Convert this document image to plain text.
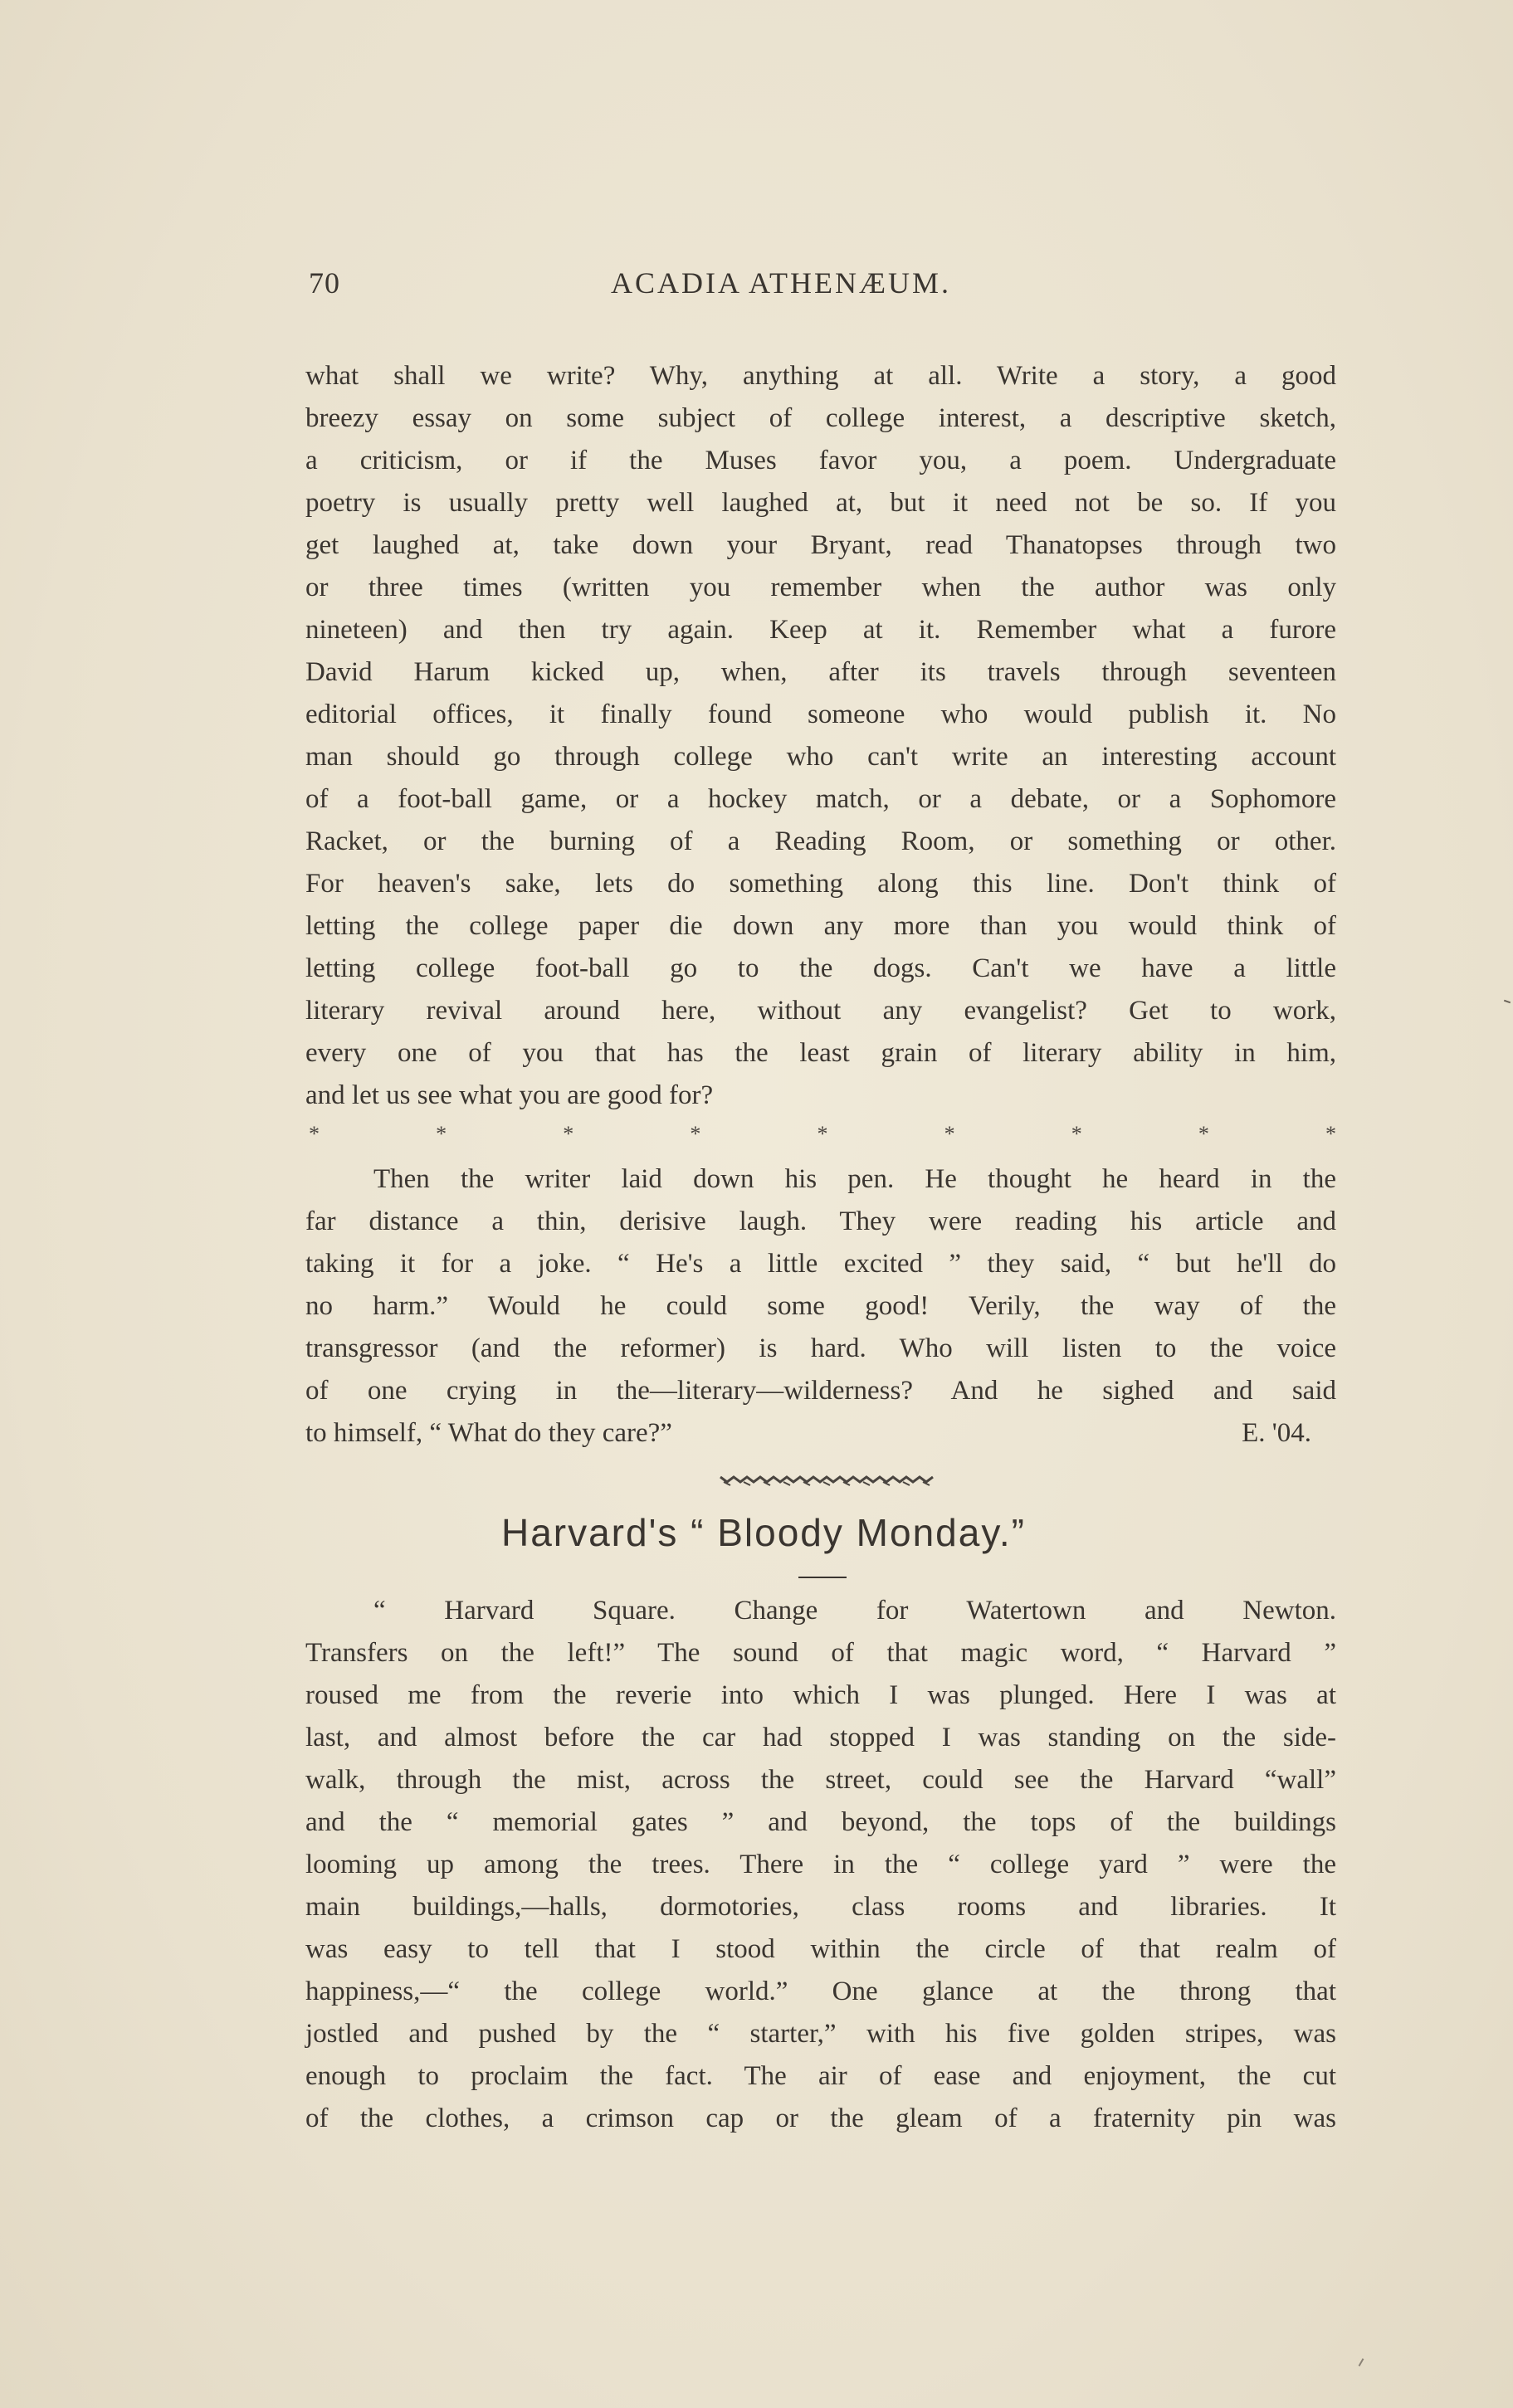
70	ACADIA ATHENÆUM.
what shall we write? Why, anything at all. Write a story, a good
breezy essay on some subject of college interest, a descriptive sketch,
a criticism, or if the Muses favor you, a poem. Undergraduate
poetry is usually pretty well laughed at, but it need not be so. If you
get laughed at, take down your Bryant, read Thanatopses through two
or three times (written you remember when the author was only
nineteen) and then try again. Keep at it. Remember what a furore
David Harum kicked up, when, after its travels through seventeen
editorial offices, it finally found someone who would publish it. No
man should go through college who can't write an interesting account
of a foot-ball game, or a hockey match, or a debate, or a Sophomore
Racket, or the burning of a Reading Room, or something or other.
For heaven's sake, lets do something along this line. Don't think of
letting the college paper die down any more than you would think of
letting college foot-ball go to the dogs. Can't we have a little
literary revival around here, without any evangelist? Get to work,
every one of you that has the least grain of literary ability in him,
and let us see what you are good for?
*	*	*	*	*	*	*	*	*
Then the writer laid down his pen. He thought he heard in the
far distance a thin, derisive laugh. They were reading his article and
taking it for a joke. “ He's a little excited ” they said, “ but he'll do
no harm.” Would he could some good! Verily, the way of the
transgressor (and the reformer) is hard. Who will listen to the voice
of one crying in the—literary—wilderness? And he sighed and said
to himself, “ What do they care?”	E. '04.
Harvard's “ Bloody Monday.”
“ Harvard Square. Change for Watertown and Newton.
Transfers on the left!” The sound of that magic word, “ Harvard ”
roused me from the reverie into which I was plunged. Here I was at
last, and almost before the car had stopped I was standing on the side-
walk, through the mist, across the street, could see the Harvard “wall”
and the “ memorial gates ” and beyond, the tops of the buildings
looming up among the trees. There in the “ college yard ” were the
main buildings,—halls, dormotories, class rooms and libraries. It
was easy to tell that I stood within the circle of that realm of
happiness,—“ the college world.” One glance at the throng that
jostled and pushed by the “ starter,” with his five golden stripes, was
enough to proclaim the fact. The air of ease and enjoyment, the cut
of the clothes, a crimson cap or the gleam of a fraternity pin was
